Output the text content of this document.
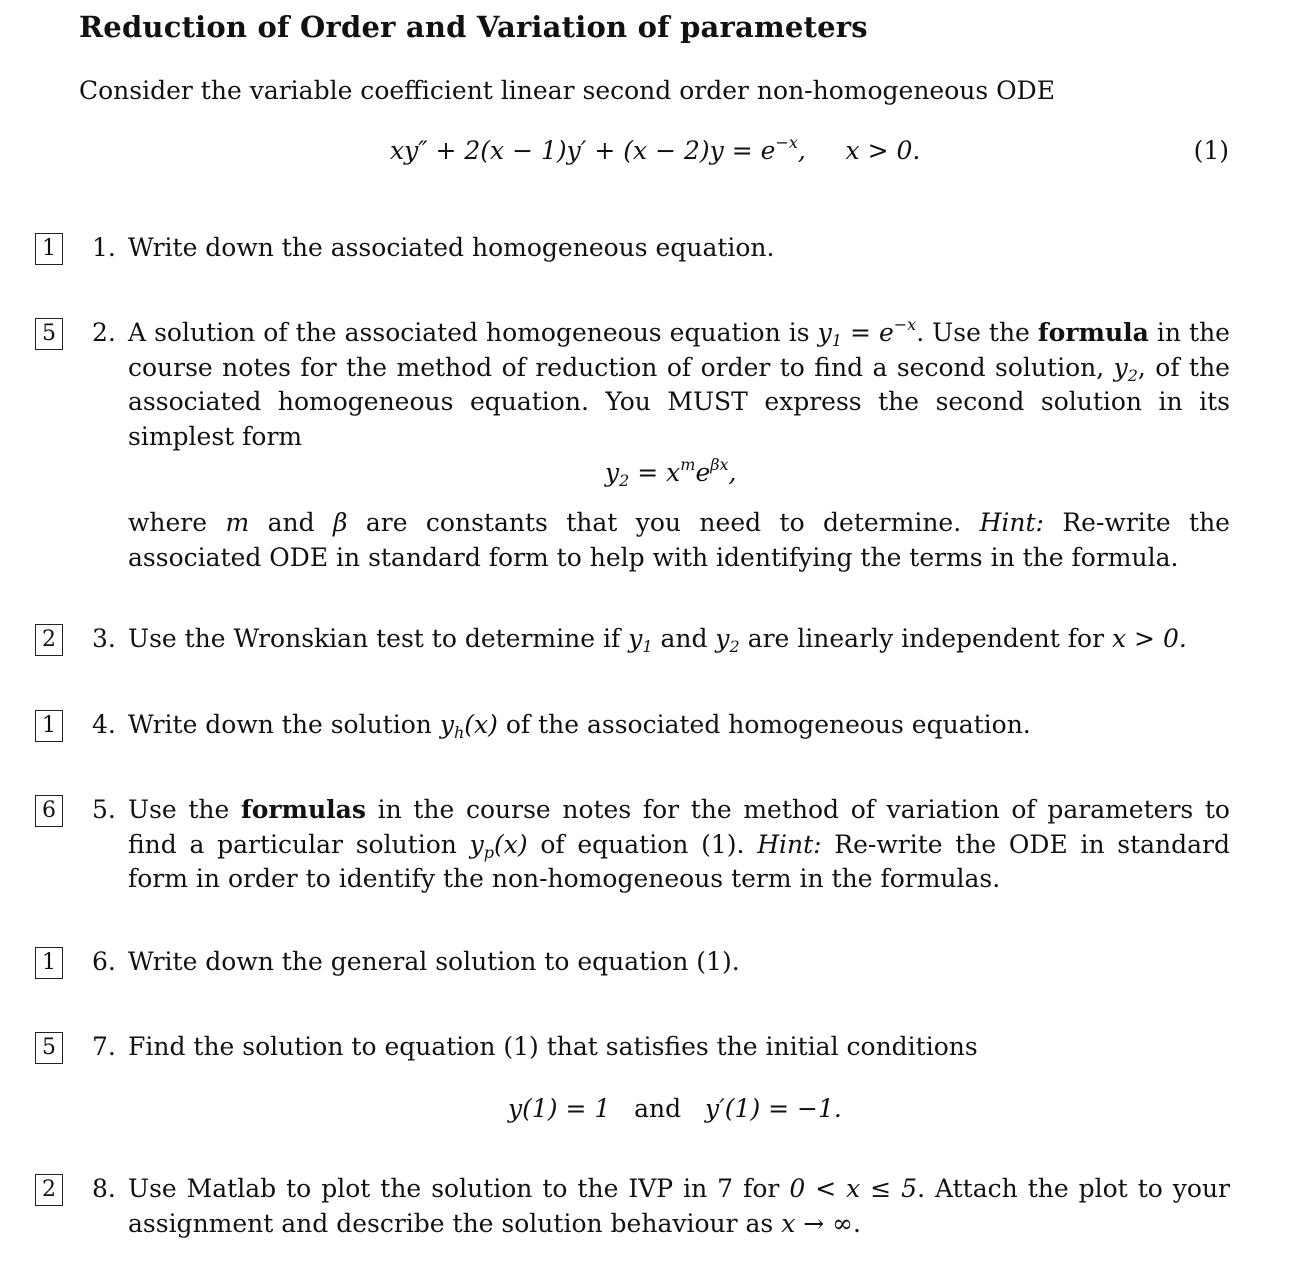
Reduction of Order and Variation of parameters
Consider the variable coefficient linear second order non-homogeneous ODE
$xy'' + 2(x - 1)y' + (x - 2)y = e^{-x}$,     x > 0.	(1)
1 1. Write down the associated homogeneous equation.
5 2. A solution of the associated homogeneous equation is $y_1 = e^{-x}$. Use the formula in the course notes for the method of reduction of order to find a second solution, $y_2$, of the associated homogeneous equation. You MUST express the second solution in its simplest form
$y_2 = x^me^{\beta x}$,
where m and β are constants that you need to determine. Hint: Re-write the associated ODE in standard form to help with identifying the terms in the formula.
2 3. Use the Wronskian test to determine if $y_1$ and $y_2$ are linearly independent for x > 0.
1 4. Write down the solution $y_h(x)$ of the associated homogeneous equation.
6 5. Use the formulas in the course notes for the method of variation of parameters to find a particular solution $y_p(x)$ of equation (1). Hint: Re-write the ODE in standard form in order to identify the non-homogeneous term in the formulas.
1 6. Write down the general solution to equation (1).
5 7. Find the solution to equation (1) that satisfies the initial conditions
y(1) = 1 and y′(1) = −1.
2 8. Use Matlab to plot the solution to the IVP in 7 for 0 < x ≤ 5. Attach the plot to your assignment and describe the solution behaviour as x → ∞.
